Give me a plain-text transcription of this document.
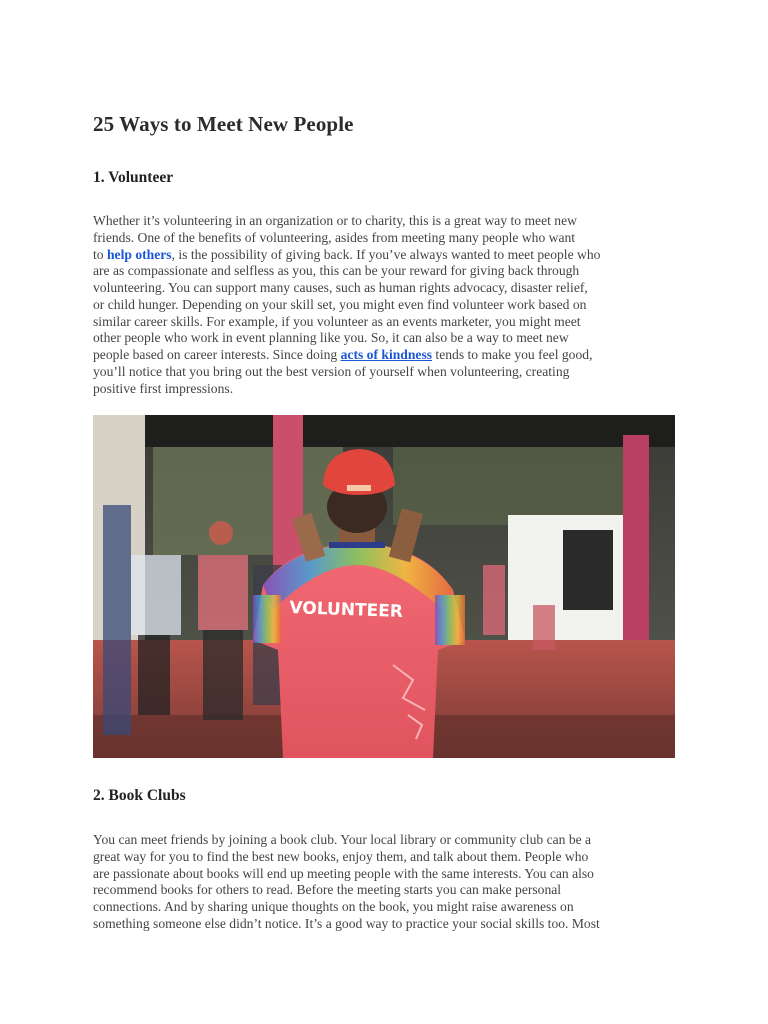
25 Ways to Meet New People
1. Volunteer

Whether it’s volunteering in an organization or to charity, this is a great way to meet new
friends. One of the benefits of volunteering, asides from meeting many people who want
to help others, is the possibility of giving back. If you’ve always wanted to meet people who
are as compassionate and selfless as you, this can be your reward for giving back through
volunteering. You can support many causes, such as human rights advocacy, disaster relief,
or child hunger. Depending on your skill set, you might even find volunteer work based on
similar career skills. For example, if you volunteer as an events marketer, you might meet
other people who work in event planning like you. So, it can also be a way to meet new
people based on career interests. Since doing acts of kindness tends to make you feel good,
you’ll notice that you bring out the best version of yourself when volunteering, creating
positive first impressions.

VOLUNTEER
2. Book Clubs

You can meet friends by joining a book club. Your local library or community club can be a
great way for you to find the best new books, enjoy them, and talk about them. People who
are passionate about books will end up meeting people with the same interests. You can also
recommend books for others to read. Before the meeting starts you can make personal
connections. And by sharing unique thoughts on the book, you might raise awareness on
something someone else didn’t notice. It’s a good way to practice your social skills too. Most
